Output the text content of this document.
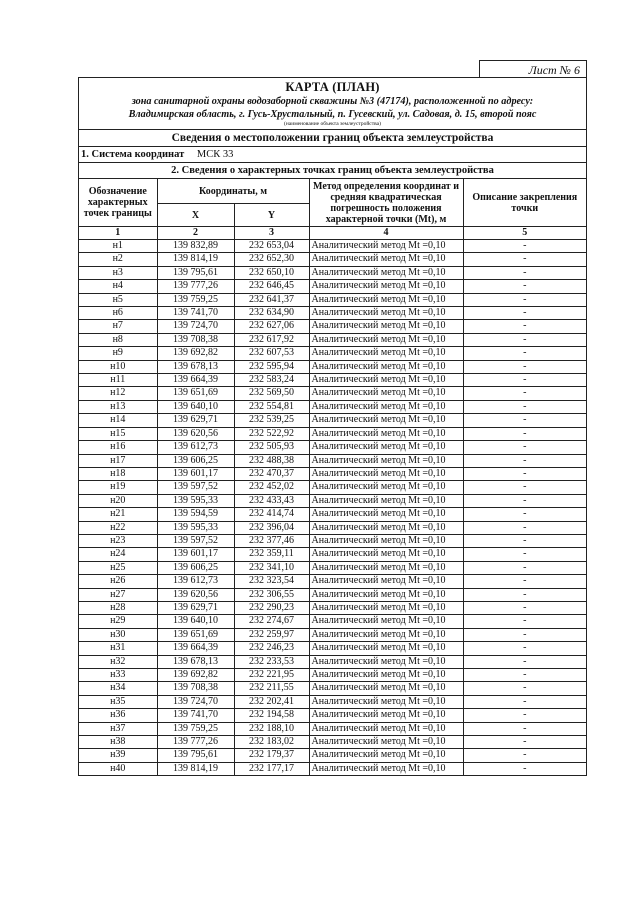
Лист № 6
КАРТА (ПЛАН)
зона санитарной охраны водозаборной скважины №3 (47174), расположенной по адресу:
Владимирская область, г. Гусь-Хрустальный, п. Гусевский, ул. Садовая, д. 15, второй пояс
(наименование объекта землеустройства)
Сведения о местоположении границ объекта землеустройства
1. Система координат МСК 33
2. Сведения о характерных точках границ объекта землеустройства				
Обозначение характерных точек границы	Координаты, м		Метод определения координат и средняя квадратическая погрешность положения характерной точки (Mt), м	Описание закрепления точки
	X	Y		
1	2	3	4	5
н1	139 832,89	232 653,04	Аналитический метод Mt =0,10	-
н2	139 814,19	232 652,30	Аналитический метод Mt =0,10	-
н3	139 795,61	232 650,10	Аналитический метод Mt =0,10	-
н4	139 777,26	232 646,45	Аналитический метод Mt =0,10	-
н5	139 759,25	232 641,37	Аналитический метод Mt =0,10	-
н6	139 741,70	232 634,90	Аналитический метод Mt =0,10	-
н7	139 724,70	232 627,06	Аналитический метод Mt =0,10	-
н8	139 708,38	232 617,92	Аналитический метод Mt =0,10	-
н9	139 692,82	232 607,53	Аналитический метод Mt =0,10	-
н10	139 678,13	232 595,94	Аналитический метод Mt =0,10	-
н11	139 664,39	232 583,24	Аналитический метод Mt =0,10	-
н12	139 651,69	232 569,50	Аналитический метод Mt =0,10	-
н13	139 640,10	232 554,81	Аналитический метод Mt =0,10	-
н14	139 629,71	232 539,25	Аналитический метод Mt =0,10	-
н15	139 620,56	232 522,92	Аналитический метод Mt =0,10	-
н16	139 612,73	232 505,93	Аналитический метод Mt =0,10	-
н17	139 606,25	232 488,38	Аналитический метод Mt =0,10	-
н18	139 601,17	232 470,37	Аналитический метод Mt =0,10	-
н19	139 597,52	232 452,02	Аналитический метод Mt =0,10	-
н20	139 595,33	232 433,43	Аналитический метод Mt =0,10	-
н21	139 594,59	232 414,74	Аналитический метод Mt =0,10	-
н22	139 595,33	232 396,04	Аналитический метод Mt =0,10	-
н23	139 597,52	232 377,46	Аналитический метод Mt =0,10	-
н24	139 601,17	232 359,11	Аналитический метод Mt =0,10	-
н25	139 606,25	232 341,10	Аналитический метод Mt =0,10	-
н26	139 612,73	232 323,54	Аналитический метод Mt =0,10	-
н27	139 620,56	232 306,55	Аналитический метод Mt =0,10	-
н28	139 629,71	232 290,23	Аналитический метод Mt =0,10	-
н29	139 640,10	232 274,67	Аналитический метод Mt =0,10	-
н30	139 651,69	232 259,97	Аналитический метод Mt =0,10	-
н31	139 664,39	232 246,23	Аналитический метод Mt =0,10	-
н32	139 678,13	232 233,53	Аналитический метод Mt =0,10	-
н33	139 692,82	232 221,95	Аналитический метод Mt =0,10	-
н34	139 708,38	232 211,55	Аналитический метод Mt =0,10	-
н35	139 724,70	232 202,41	Аналитический метод Mt =0,10	-
н36	139 741,70	232 194,58	Аналитический метод Mt =0,10	-
н37	139 759,25	232 188,10	Аналитический метод Mt =0,10	-
н38	139 777,26	232 183,02	Аналитический метод Mt =0,10	-
н39	139 795,61	232 179,37	Аналитический метод Mt =0,10	-
н40	139 814,19	232 177,17	Аналитический метод Mt =0,10	-
